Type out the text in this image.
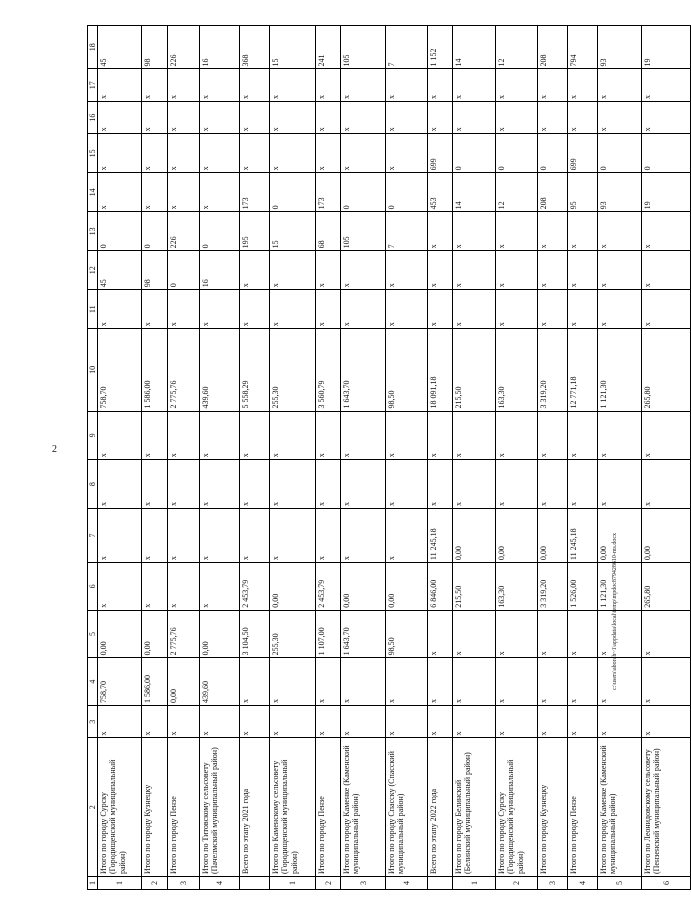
2
c:\users\aborah~1\appdata\local\temp\mpdoc879428610-ms.docx
1	2	3	4	5	6	7	8	9	10	11	12	13	14	15	16	17	18
1	Итого по городу Сурску (Городищенский муниципальный район)	x	758,70	0,00	x	x	x	x	758,70	x	45	0	x	x	x	x	45
2	Итого по городу Кузнецку	x	1 586,00	0,00	x	x	x	x	1 586,00	x	98	0	x	x	x	x	98
3	Итого по городу Пензе	x	0,00	2 775,76	x	x	x	x	2 775,76	x	0	226	x	x	x	x	226
4	Итого по Титовскому сельсовету (Пачелмский муниципальный район)	x	439,60	0,00	x	x	x	x	439,60	x	16	0	x	x	x	x	16
	Всего по этапу 2021 года	x	x	3 104,50	2 453,79	x	x	x	5 558,29	x	x	195	173	x	x	x	368
1	Итого по Каменскому сельсовету (Городищенский муниципальный район)	x	x	255,30	0,00	x	x	x	255,30	x	x	15	0	x	x	x	15
2	Итого по городу Пензе	x	x	1 107,00	2 453,79	x	x	x	3 560,79	x	x	68	173	x	x	x	241
3	Итого по городу Каменке (Каменский муниципальный район)	x	x	1 643,70	0,00	x	x	x	1 643,70	x	x	105	0	x	x	x	105
4	Итого по городу Спасску (Спасский муниципальный район)	x	x	98,50	0,00	x	x	x	98,50	x	x	7	0	x	x	x	7
	Всего по этапу 2022 года	x	x	x	6 846,00	11 245,18	x	x	18 091,18	x	x	x	453	699	x	x	1 152
1	Итого по городу Белинский (Белинский муниципальный район)	x	x	x	215,50	0,00	x	x	215,50	x	x	x	14	0	x	x	14
2	Итого по городу Сурску (Городищенский муниципальный район)	x	x	x	163,30	0,00	x	x	163,30	x	x	x	12	0	x	x	12
3	Итого по городу Кузнецку	x	x	x	3 319,20	0,00	x	x	3 319,20	x	x	x	208	0	x	x	208
4	Итого по городу Пензе	x	x	x	1 526,00	11 245,18	x	x	12 771,18	x	x	x	95	699	x	x	794
5	Итого по городу Каменке (Каменский муниципальный район)	x	x	x	1 121,30	0,00	x	x	1 121,30	x	x	x	93	0	x	x	93
6	Итого по Леонидовскому сельсовету (Пензенский муниципальный район)	x	x	x	265,80	0,00	x	x	265,80	x	x	x	19	0	x	x	19
